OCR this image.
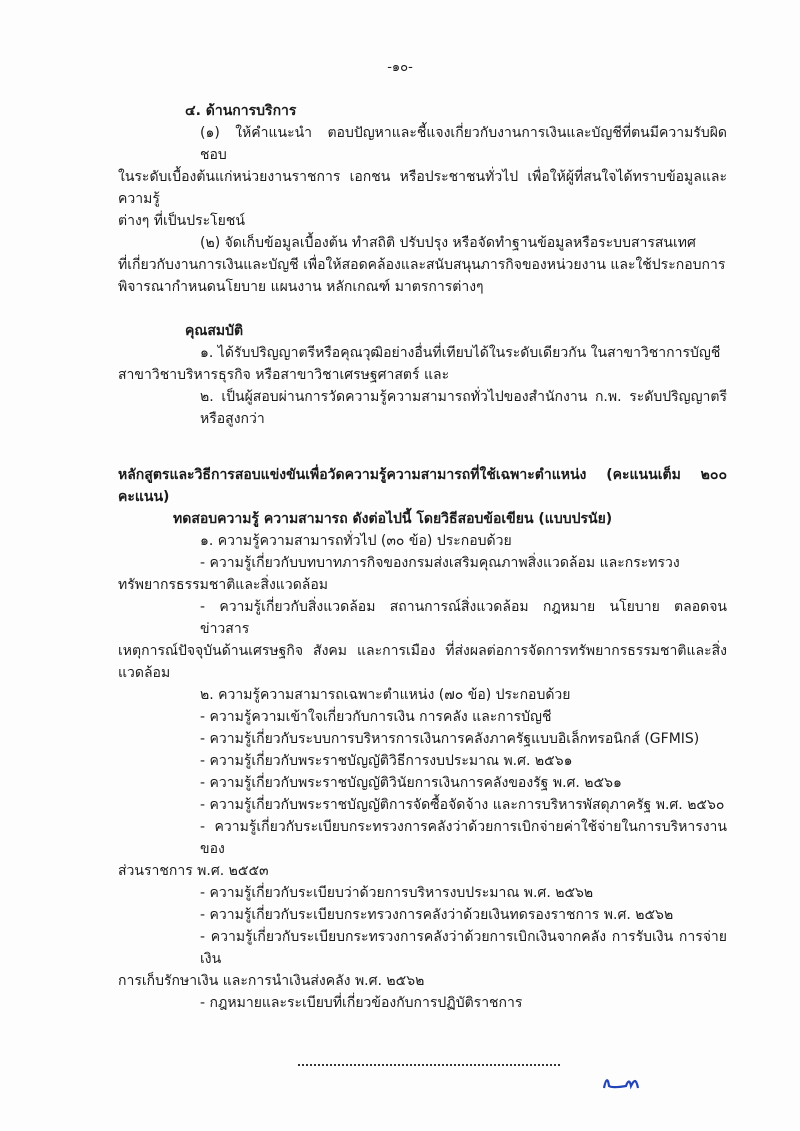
-๑๐-
๔. ด้านการบริการ
(๑) ให้คำแนะนำ ตอบปัญหาและชี้แจงเกี่ยวกับงานการเงินและบัญชีที่ตนมีความรับผิดชอบ
ในระดับเบื้องต้นแก่หน่วยงานราชการ เอกชน หรือประชาชนทั่วไป เพื่อให้ผู้ที่สนใจได้ทราบข้อมูลและความรู้
ต่างๆ ที่เป็นประโยชน์
(๒) จัดเก็บข้อมูลเบื้องต้น ทำสถิติ ปรับปรุง หรือจัดทำฐานข้อมูลหรือระบบสารสนเทศ
ที่เกี่ยวกับงานการเงินและบัญชี เพื่อให้สอดคล้องและสนับสนุนภารกิจของหน่วยงาน และใช้ประกอบการ
พิจารณากำหนดนโยบาย แผนงาน หลักเกณฑ์ มาตรการต่างๆ
คุณสมบัติ
๑. ได้รับปริญญาตรีหรือคุณวุฒิอย่างอื่นที่เทียบได้ในระดับเดียวกัน ในสาขาวิชาการบัญชี
สาขาวิชาบริหารธุรกิจ หรือสาขาวิชาเศรษฐศาสตร์ และ
๒. เป็นผู้สอบผ่านการวัดความรู้ความสามารถทั่วไปของสำนักงาน ก.พ. ระดับปริญญาตรี หรือสูงกว่า
หลักสูตรและวิธีการสอบแข่งขันเพื่อวัดความรู้ความสามารถที่ใช้เฉพาะตำแหน่ง (คะแนนเต็ม ๒๐๐ คะแนน)
ทดสอบความรู้ ความสามารถ ดังต่อไปนี้ โดยวิธีสอบข้อเขียน (แบบปรนัย)
๑. ความรู้ความสามารถทั่วไป (๓๐ ข้อ) ประกอบด้วย
- ความรู้เกี่ยวกับบทบาทภารกิจของกรมส่งเสริมคุณภาพสิ่งแวดล้อม และกระทรวง
ทรัพยากรธรรมชาติและสิ่งแวดล้อม
- ความรู้เกี่ยวกับสิ่งแวดล้อม สถานการณ์สิ่งแวดล้อม กฎหมาย นโยบาย ตลอดจนข่าวสาร
เหตุการณ์ปัจจุบันด้านเศรษฐกิจ สังคม และการเมือง ที่ส่งผลต่อการจัดการทรัพยากรธรรมชาติและสิ่งแวดล้อม
๒. ความรู้ความสามารถเฉพาะตำแหน่ง (๗๐ ข้อ) ประกอบด้วย
- ความรู้ความเข้าใจเกี่ยวกับการเงิน การคลัง และการบัญชี
- ความรู้เกี่ยวกับระบบการบริหารการเงินการคลังภาครัฐแบบอิเล็กทรอนิกส์ (GFMIS)
- ความรู้เกี่ยวกับพระราชบัญญัติวิธีการงบประมาณ พ.ศ. ๒๕๖๑
- ความรู้เกี่ยวกับพระราชบัญญัติวินัยการเงินการคลังของรัฐ พ.ศ. ๒๕๖๑
- ความรู้เกี่ยวกับพระราชบัญญัติการจัดซื้อจัดจ้าง และการบริหารพัสดุภาครัฐ พ.ศ. ๒๕๖๐
- ความรู้เกี่ยวกับระเบียบกระทรวงการคลังว่าด้วยการเบิกจ่ายค่าใช้จ่ายในการบริหารงานของ
ส่วนราชการ พ.ศ. ๒๕๕๓
- ความรู้เกี่ยวกับระเบียบว่าด้วยการบริหารงบประมาณ พ.ศ. ๒๕๖๒
- ความรู้เกี่ยวกับระเบียบกระทรวงการคลังว่าด้วยเงินทดรองราชการ พ.ศ. ๒๕๖๒
- ความรู้เกี่ยวกับระเบียบกระทรวงการคลังว่าด้วยการเบิกเงินจากคลัง การรับเงิน การจ่ายเงิน
การเก็บรักษาเงิน และการนำเงินส่งคลัง พ.ศ. ๒๕๖๒
- กฎหมายและระเบียบที่เกี่ยวข้องกับการปฏิบัติราชการ
